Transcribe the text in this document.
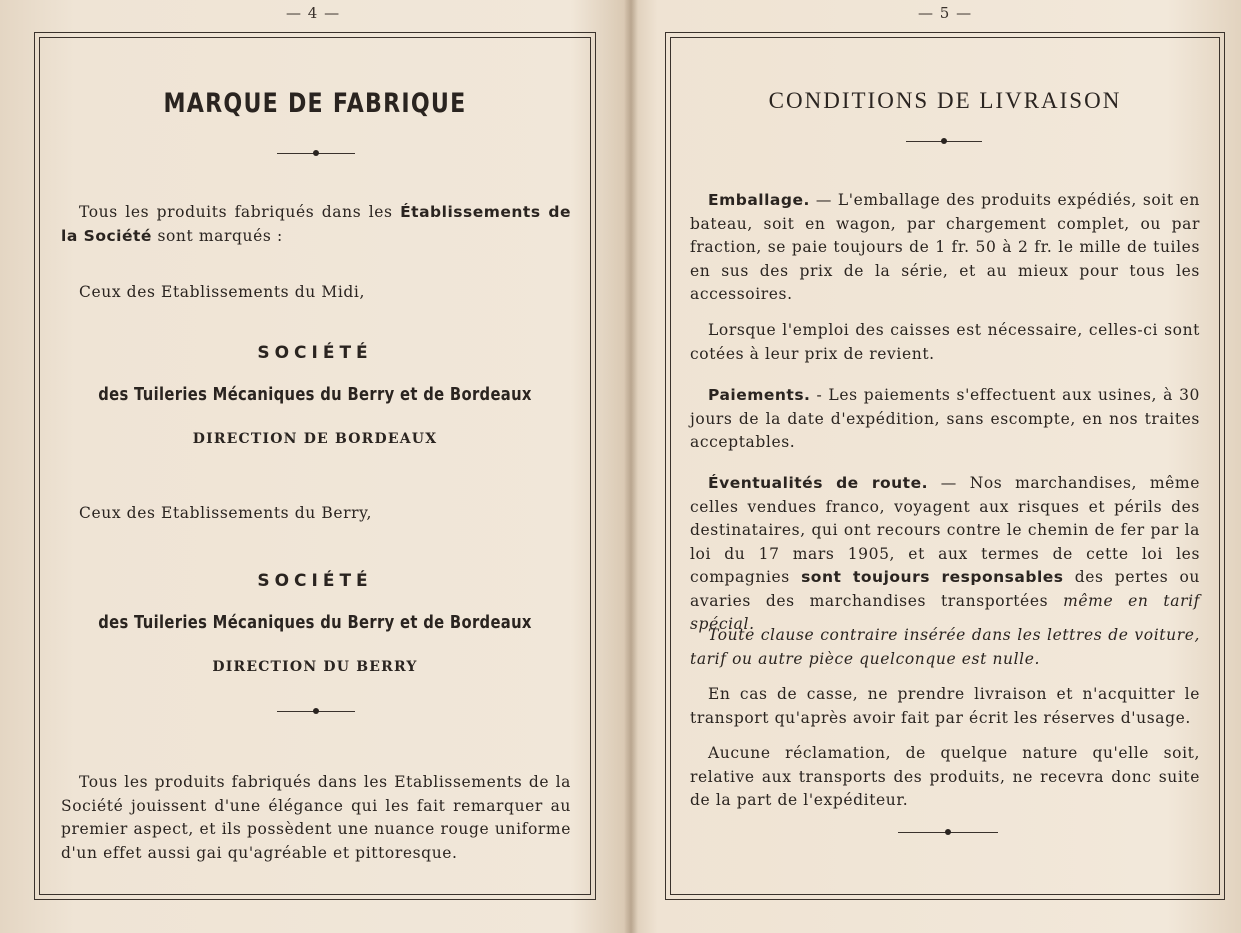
— 4 —
MARQUE DE FABRIQUE

Tous les produits fabriqués dans les Établissements de la Société sont marqués :

Ceux des Etablissements du Midi,

SOCIÉTÉ
des Tuileries Mécaniques du Berry et de Bordeaux
DIRECTION DE BORDEAUX

Ceux des Etablissements du Berry,

SOCIÉTÉ
des Tuileries Mécaniques du Berry et de Bordeaux
DIRECTION DU BERRY

Tous les produits fabriqués dans les Etablissements de la Société jouissent d'une élégance qui les fait remarquer au premier aspect, et ils possèdent une nuance rouge uniforme d'un effet aussi gai qu'agréable et pittoresque.

— 5 —
CONDITIONS DE LIVRAISON

Emballage. — L'emballage des produits expédiés, soit en bateau, soit en wagon, par chargement complet, ou par fraction, se paie toujours de 1 fr. 50 à 2 fr. le mille de tuiles en sus des prix de la série, et au mieux pour tous les accessoires.

Lorsque l'emploi des caisses est nécessaire, celles-ci sont cotées à leur prix de revient.

Paiements. - Les paiements s'effectuent aux usines, à 30 jours de la date d'expédition, sans escompte, en nos traites acceptables.

Éventualités de route. — Nos marchandises, même celles vendues franco, voyagent aux risques et périls des destinataires, qui ont recours contre le chemin de fer par la loi du 17 mars 1905, et aux termes de cette loi les compagnies sont toujours responsables des pertes ou avaries des marchandises transportées même en tarif spécial.

Toute clause contraire insérée dans les lettres de voiture, tarif ou autre pièce quelconque est nulle.

En cas de casse, ne prendre livraison et n'acquitter le transport qu'après avoir fait par écrit les réserves d'usage.

Aucune réclamation, de quelque nature qu'elle soit, relative aux transports des produits, ne recevra donc suite de la part de l'expéditeur.
